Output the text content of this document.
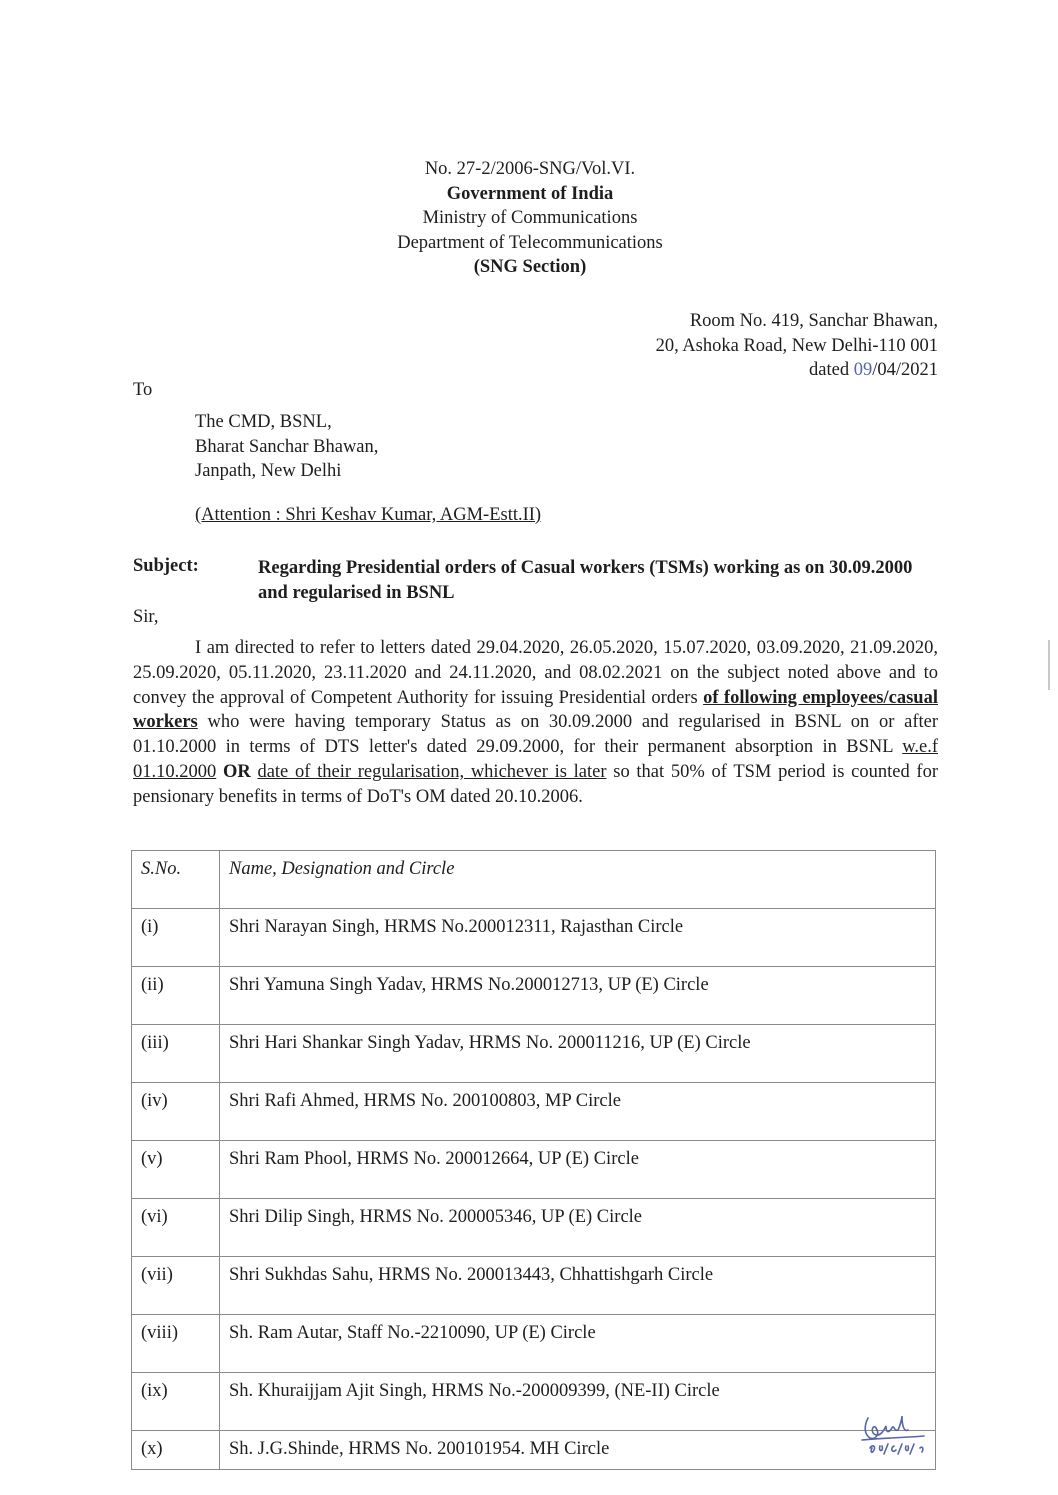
No. 27-2/2006-SNG/Vol.VI.
Government of India
Ministry of Communications
Department of Telecommunications
(SNG Section)
Room No. 419, Sanchar Bhawan,
20, Ashoka Road, New Delhi-110 001
dated 09/04/2021
To
The CMD, BSNL,
Bharat Sanchar Bhawan,
Janpath, New Delhi
(Attention : Shri Keshav Kumar, AGM-Estt.II)
Subject:	Regarding Presidential orders of Casual workers (TSMs) working as on 30.09.2000 and regularised in BSNL
Sir,
I am directed to refer to letters dated 29.04.2020, 26.05.2020, 15.07.2020, 03.09.2020, 21.09.2020, 25.09.2020, 05.11.2020, 23.11.2020 and 24.11.2020, and 08.02.2021 on the subject noted above and to convey the approval of Competent Authority for issuing Presidential orders of following employees/casual workers who were having temporary Status as on 30.09.2000 and regularised in BSNL on or after 01.10.2000 in terms of DTS letter's dated 29.09.2000, for their permanent absorption in BSNL w.e.f 01.10.2000 OR date of their regularisation, whichever is later so that 50% of TSM period is counted for pensionary benefits in terms of DoT's OM dated 20.10.2006.
S.No.	Name, Designation and Circle
(i)	Shri Narayan Singh, HRMS No.200012311, Rajasthan Circle
(ii)	Shri Yamuna Singh Yadav, HRMS No.200012713, UP (E) Circle
(iii)	Shri Hari Shankar Singh Yadav, HRMS No. 200011216, UP (E) Circle
(iv)	Shri Rafi Ahmed, HRMS No. 200100803, MP Circle
(v)	Shri Ram Phool, HRMS No. 200012664, UP (E) Circle
(vi)	Shri Dilip Singh, HRMS No. 200005346, UP (E) Circle
(vii)	Shri Sukhdas Sahu, HRMS No. 200013443, Chhattishgarh Circle
(viii)	Sh. Ram Autar, Staff No.-2210090, UP (E) Circle
(ix)	Sh. Khuraijjam Ajit Singh, HRMS No.-200009399, (NE-II) Circle
(x)	Sh. J.G.Shinde, HRMS No. 200101954. MH Circle
